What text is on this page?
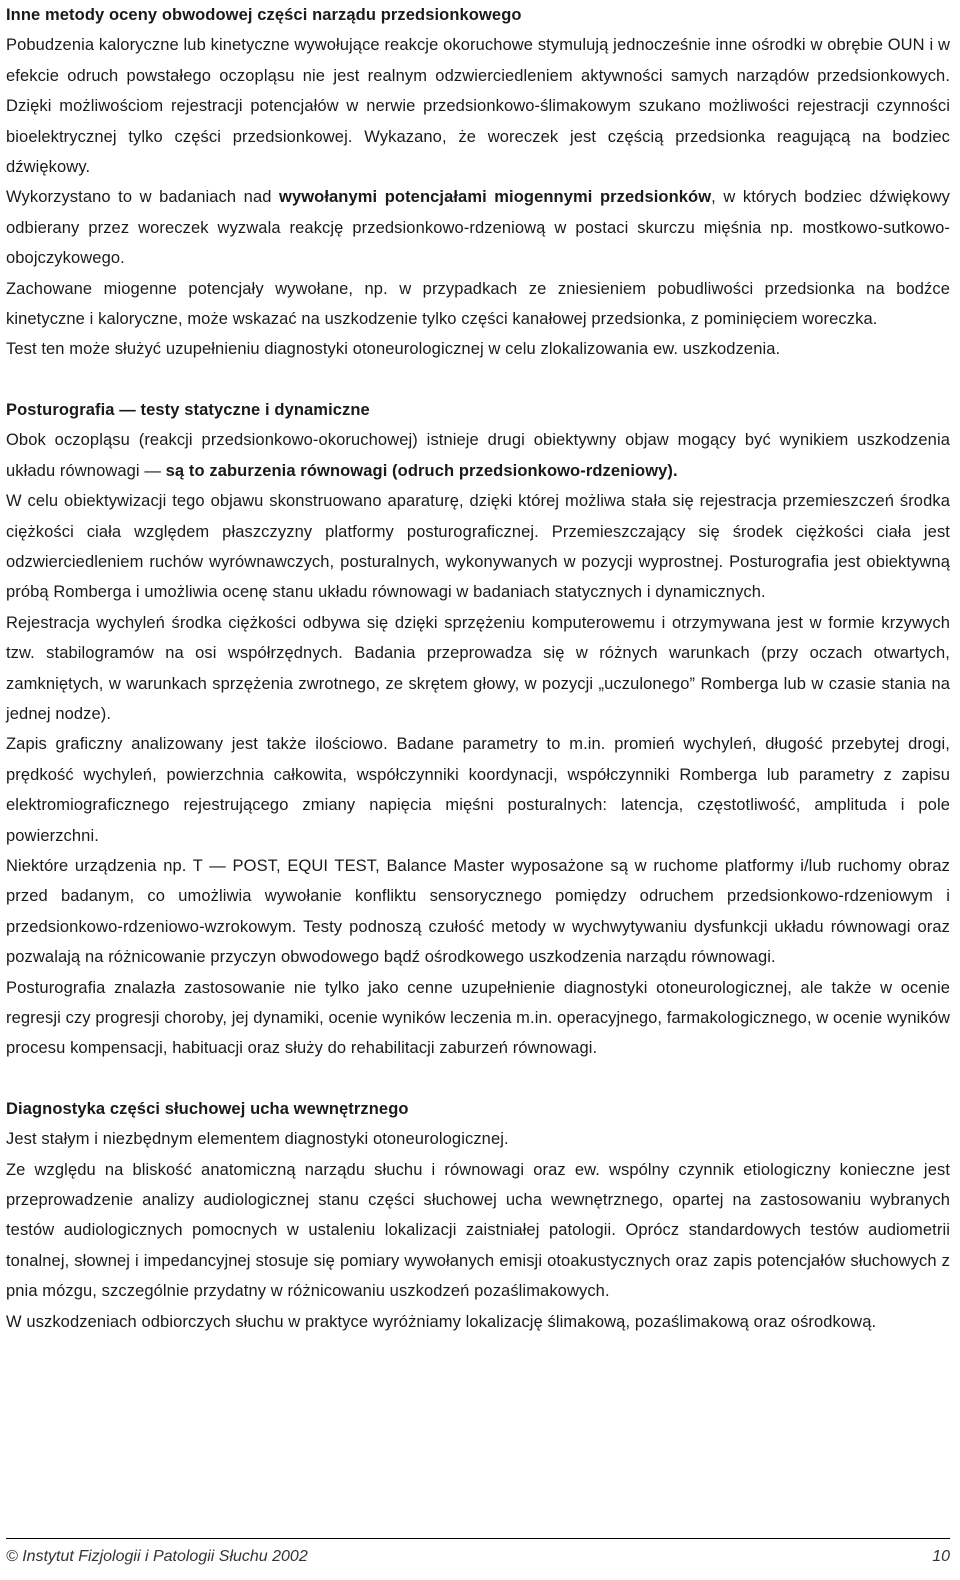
Inne metody oceny obwodowej części narządu przedsionkowego

Pobudzenia kaloryczne lub kinetyczne wywołujące reakcje okoruchowe stymulują jednocześnie inne ośrodki w obrębie OUN i w efekcie odruch powstałego oczopląsu nie jest realnym odzwierciedleniem aktywności samych narządów przedsionkowych. Dzięki możliwościom rejestracji potencjałów w nerwie przedsionkowo-ślimakowym szukano możliwości rejestracji czynności bioelektrycznej tylko części przedsionkowej. Wykazano, że woreczek jest częścią przedsionka reagującą na bodziec dźwiękowy.

Wykorzystano to w badaniach nad wywołanymi potencjałami miogennymi przedsionków, w których bodziec dźwiękowy odbierany przez woreczek wyzwala reakcję przedsionkowo-rdzeniową w postaci skurczu mięśnia np. mostkowo-sutkowo-obojczykowego.

Zachowane miogenne potencjały wywołane, np. w przypadkach ze zniesieniem pobudliwości przedsionka na bodźce kinetyczne i kaloryczne, może wskazać na uszkodzenie tylko części kanałowej przedsionka, z pominięciem woreczka.

Test ten może służyć uzupełnieniu diagnostyki otoneurologicznej w celu zlokalizowania ew. uszkodzenia.

Posturografia — testy statyczne i dynamiczne

Obok oczopląsu (reakcji przedsionkowo-okoruchowej) istnieje drugi obiektywny objaw mogący być wynikiem uszkodzenia układu równowagi — są to zaburzenia równowagi (odruch przedsionkowo-rdzeniowy).

W celu obiektywizacji tego objawu skonstruowano aparaturę, dzięki której możliwa stała się rejestracja przemieszczeń środka ciężkości ciała względem płaszczyzny platformy posturograficznej. Przemieszczający się środek ciężkości ciała jest odzwierciedleniem ruchów wyrównawczych, posturalnych, wykonywanych w pozycji wyprostnej. Posturografia jest obiektywną próbą Romberga i umożliwia ocenę stanu układu równowagi w badaniach statycznych i dynamicznych.

Rejestracja wychyleń środka ciężkości odbywa się dzięki sprzężeniu komputerowemu i otrzymywana jest w formie krzywych tzw. stabilogramów na osi współrzędnych. Badania przeprowadza się w różnych warunkach (przy oczach otwartych, zamkniętych, w warunkach sprzężenia zwrotnego, ze skrętem głowy, w pozycji „uczulonego” Romberga lub w czasie stania na jednej nodze).

Zapis graficzny analizowany jest także ilościowo. Badane parametry to m.in. promień wychyleń, długość przebytej drogi, prędkość wychyleń, powierzchnia całkowita, współczynniki koordynacji, współczynniki Romberga lub parametry z zapisu elektromiograficznego rejestrującego zmiany napięcia mięśni posturalnych: latencja, częstotliwość, amplituda i pole powierzchni.

Niektóre urządzenia np. T — POST, EQUI TEST, Balance Master wyposażone są w ruchome platformy i/lub ruchomy obraz przed badanym, co umożliwia wywołanie konfliktu sensorycznego pomiędzy odruchem przedsionkowo-rdzeniowym i przedsionkowo-rdzeniowo-wzrokowym. Testy podnoszą czułość metody w wychwytywaniu dysfunkcji układu równowagi oraz pozwalają na różnicowanie przyczyn obwodowego bądź ośrodkowego uszkodzenia narządu równowagi.

Posturografia znalazła zastosowanie nie tylko jako cenne uzupełnienie diagnostyki otoneurologicznej, ale także w ocenie regresji czy progresji choroby, jej dynamiki, ocenie wyników leczenia m.in. operacyjnego, farmakologicznego, w ocenie wyników procesu kompensacji, habituacji oraz służy do rehabilitacji zaburzeń równowagi.

Diagnostyka części słuchowej ucha wewnętrznego

Jest stałym i niezbędnym elementem diagnostyki otoneurologicznej.

Ze względu na bliskość anatomiczną narządu słuchu i równowagi oraz ew. wspólny czynnik etiologiczny konieczne jest przeprowadzenie analizy audiologicznej stanu części słuchowej ucha wewnętrznego, opartej na zastosowaniu wybranych testów audiologicznych pomocnych w ustaleniu lokalizacji zaistniałej patologii. Oprócz standardowych testów audiometrii tonalnej, słownej i impedancyjnej stosuje się pomiary wywołanych emisji otoakustycznych oraz zapis potencjałów słuchowych z pnia mózgu, szczególnie przydatny w różnicowaniu uszkodzeń pozaślimakowych.

W uszkodzeniach odbiorczych słuchu w praktyce wyróżniamy lokalizację ślimakową, pozaślimakową oraz ośrodkową.

© Instytut Fizjologii i Patologii Słuchu 2002	10
